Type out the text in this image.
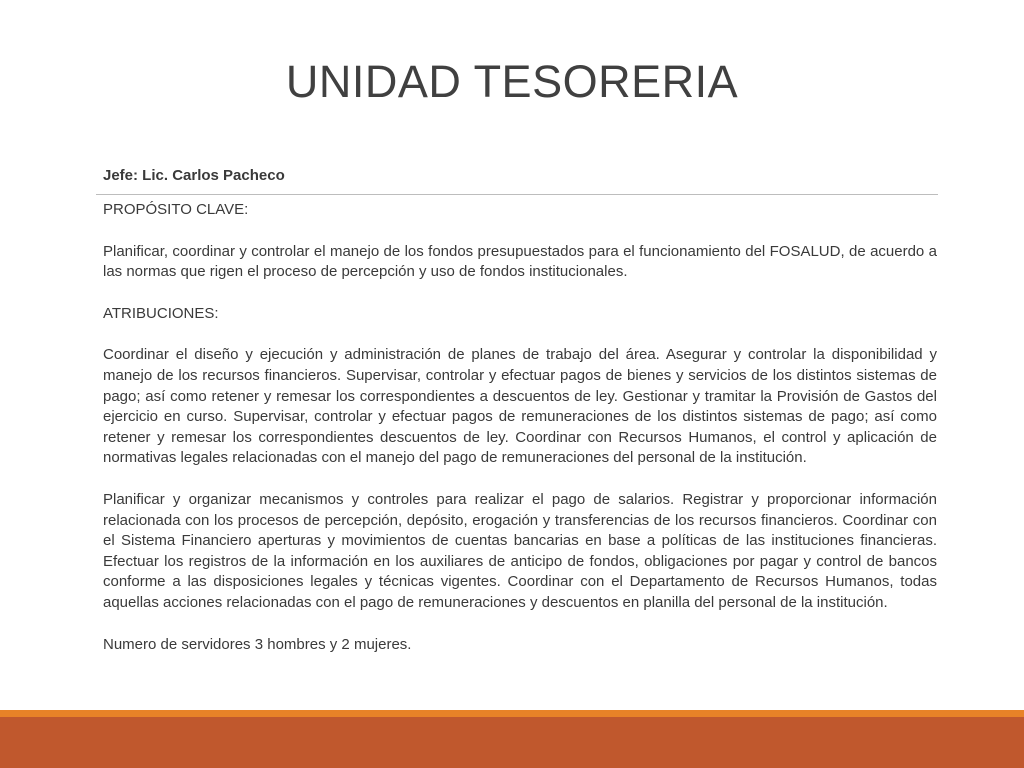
UNIDAD TESORERIA
Jefe: Lic. Carlos Pacheco

PROPÓSITO CLAVE:

Planificar, coordinar y controlar el manejo de los fondos presupuestados para el funcionamiento del FOSALUD, de acuerdo a las normas que rigen el proceso de percepción y uso de fondos institucionales.

ATRIBUCIONES:

Coordinar el diseño y ejecución y administración de planes de trabajo del área. Asegurar y controlar la disponibilidad y manejo de los recursos financieros. Supervisar, controlar y efectuar pagos de bienes y servicios de los distintos sistemas de pago; así como retener y remesar los correspondientes a descuentos de ley. Gestionar y tramitar la Provisión de Gastos del ejercicio en curso. Supervisar, controlar y efectuar pagos de remuneraciones de los distintos sistemas de pago; así como retener y remesar los correspondientes descuentos de ley. Coordinar con Recursos Humanos, el control y aplicación de normativas legales relacionadas con el manejo del pago de remuneraciones del personal de la institución.

Planificar y organizar mecanismos y controles para realizar el pago de salarios. Registrar y proporcionar información relacionada con los procesos de percepción, depósito, erogación y transferencias de los recursos financieros. Coordinar con el Sistema Financiero aperturas y movimientos de cuentas bancarias en base a políticas de las instituciones financieras. Efectuar los registros de la información en los auxiliares de anticipo de fondos, obligaciones por pagar y control de bancos conforme a las disposiciones legales y técnicas vigentes. Coordinar con el Departamento de Recursos Humanos, todas aquellas acciones relacionadas con el pago de remuneraciones y descuentos en planilla del personal de la institución.

Numero de servidores 3 hombres y 2 mujeres.
